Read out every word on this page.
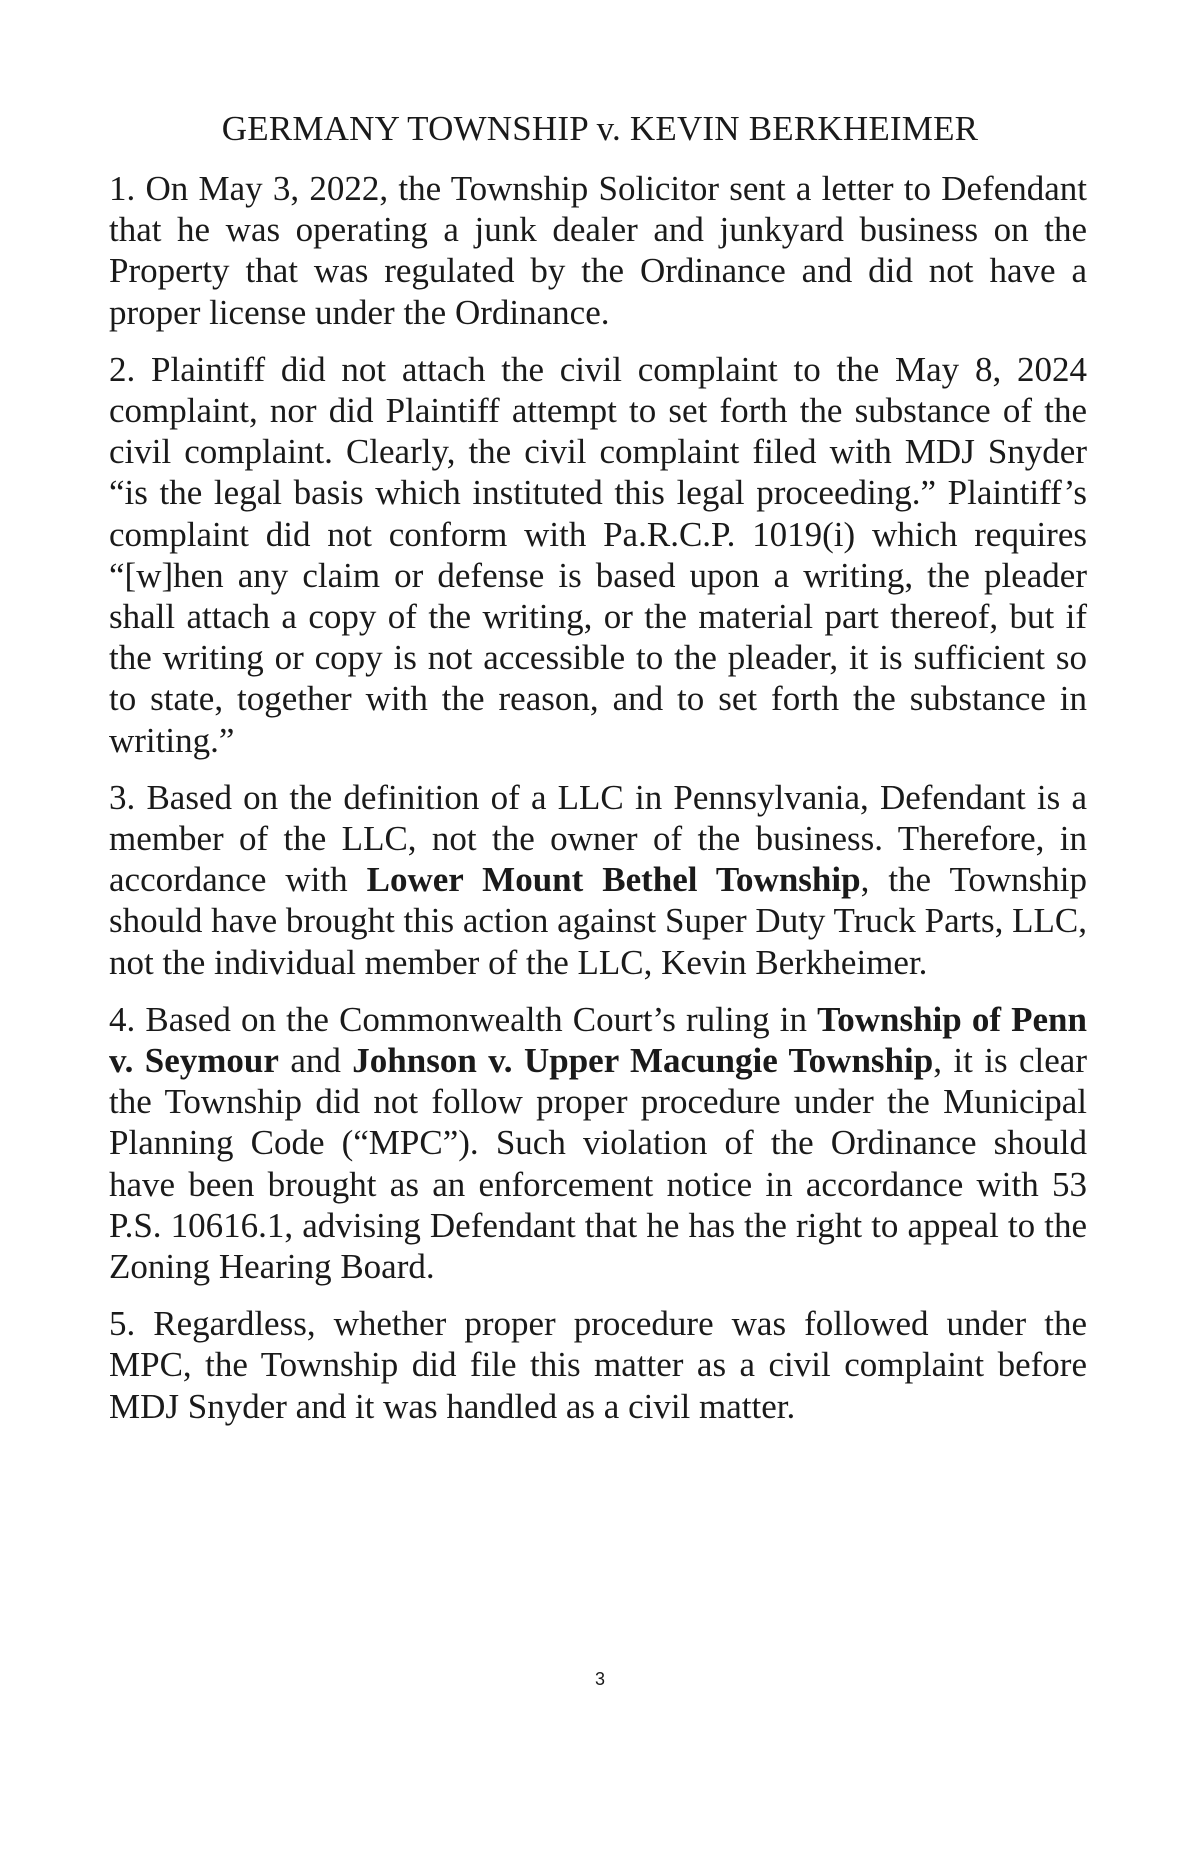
GERMANY TOWNSHIP v. KEVIN BERKHEIMER

1. On May 3, 2022, the Township Solicitor sent a letter to Defendant that he was operating a junk dealer and junkyard business on the Property that was regulated by the Ordinance and did not have a proper license under the Ordinance.

2. Plaintiff did not attach the civil complaint to the May 8, 2024 complaint, nor did Plaintiff attempt to set forth the substance of the civil complaint. Clearly, the civil complaint filed with MDJ Snyder “is the legal basis which instituted this legal proceeding.” Plaintiff’s complaint did not conform with Pa.R.C.P. 1019(i) which requires “[w]hen any claim or defense is based upon a writing, the pleader shall attach a copy of the writing, or the material part thereof, but if the writing or copy is not accessible to the pleader, it is sufficient so to state, together with the reason, and to set forth the substance in writing.”

3. Based on the definition of a LLC in Pennsylvania, Defendant is a member of the LLC, not the owner of the business. Therefore, in accordance with Lower Mount Bethel Township, the Township should have brought this action against Super Duty Truck Parts, LLC, not the individual member of the LLC, Kevin Berkheimer.

4. Based on the Commonwealth Court’s ruling in Township of Penn v. Seymour and Johnson v. Upper Macungie Township, it is clear the Township did not follow proper procedure under the Municipal Planning Code (“MPC”). Such violation of the Ordinance should have been brought as an enforcement notice in accordance with 53 P.S. 10616.1, advising Defendant that he has the right to appeal to the Zoning Hearing Board.

5. Regardless, whether proper procedure was followed under the MPC, the Township did file this matter as a civil complaint before MDJ Snyder and it was handled as a civil matter.

3
